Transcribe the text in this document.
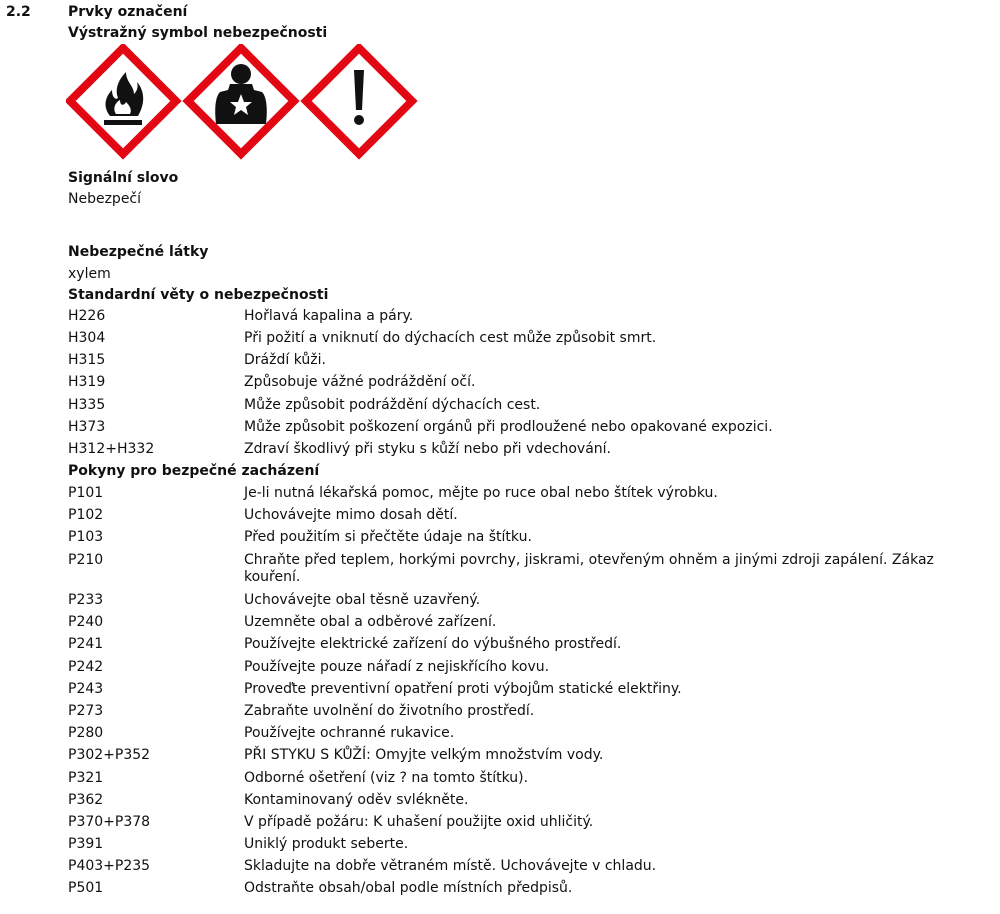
2.2	Prvky označení
Výstražný symbol nebezpečnosti
Signální slovo
Nebezpečí
Nebezpečné látky
xylem
Standardní věty o nebezpečnosti
H226	Hořlavá kapalina a páry.
H304	Při požití a vniknutí do dýchacích cest může způsobit smrt.
H315	Dráždí kůži.
H319	Způsobuje vážné podráždění očí.
H335	Může způsobit podráždění dýchacích cest.
H373	Může způsobit poškození orgánů při prodloužené nebo opakované expozici.
H312+H332	Zdraví škodlivý při styku s kůží nebo při vdechování.
Pokyny pro bezpečné zacházení
P101	Je-li nutná lékařská pomoc, mějte po ruce obal nebo štítek výrobku.
P102	Uchovávejte mimo dosah dětí.
P103	Před použitím si přečtěte údaje na štítku.
P210	Chraňte před teplem, horkými povrchy, jiskrami, otevřeným ohněm a jinými zdroji zapálení. Zákaz kouření.
P233	Uchovávejte obal těsně uzavřený.
P240	Uzemněte obal a odběrové zařízení.
P241	Používejte elektrické zařízení do výbušného prostředí.
P242	Používejte pouze nářadí z nejiskřícího kovu.
P243	Proveďte preventivní opatření proti výbojům statické elektřiny.
P273	Zabraňte uvolnění do životního prostředí.
P280	Používejte ochranné rukavice.
P302+P352	PŘI STYKU S KŮŽÍ: Omyjte velkým množstvím vody.
P321	Odborné ošetření (viz ? na tomto štítku).
P362	Kontaminovaný oděv svlékněte.
P370+P378	V případě požáru: K uhašení použijte oxid uhličitý.
P391	Uniklý produkt seberte.
P403+P235	Skladujte na dobře větraném místě. Uchovávejte v chladu.
P501	Odstraňte obsah/obal podle místních předpisů.
